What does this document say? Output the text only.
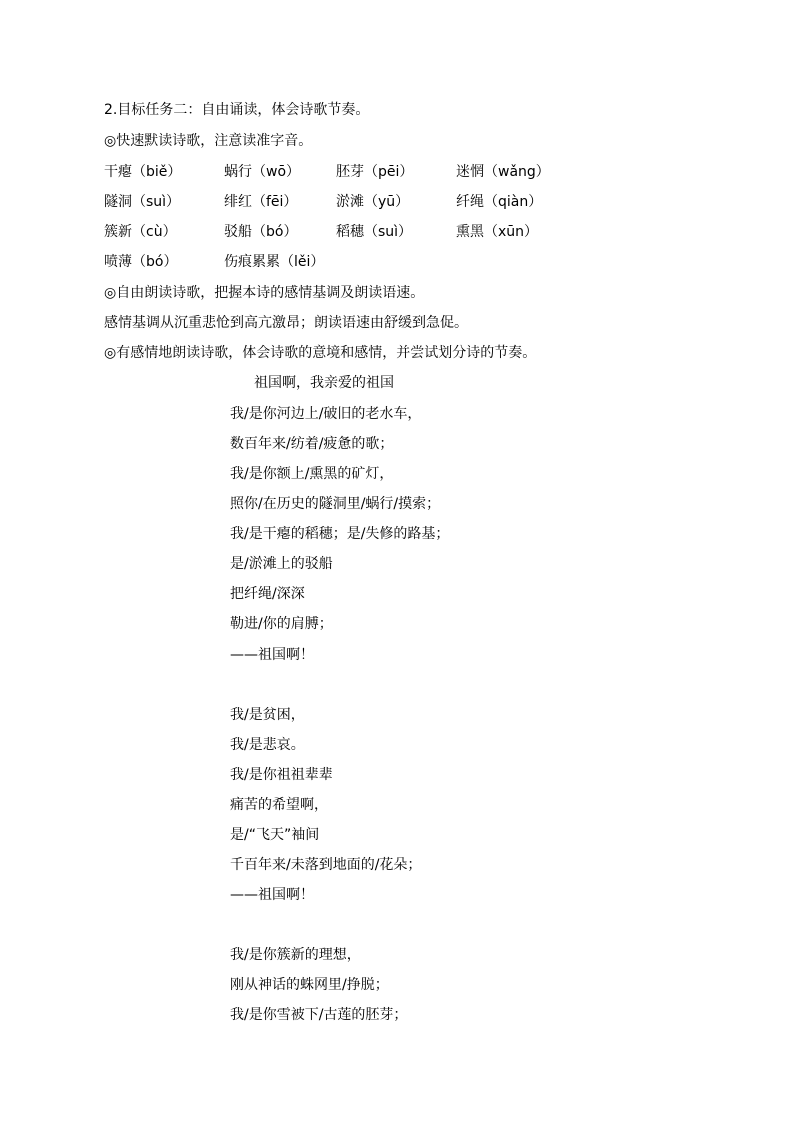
2.目标任务二：自由诵读，体会诗歌节奏。
◎快速默读诗歌，注意读准字音。
干瘪（biě）	蜗行（wō）	胚芽（pēi）	迷惘（wǎng）
隧洞（suì）	绯红（fēi）	淤滩（yū）	纤绳（qiàn）
簇新（cù）	驳船（bó）	稻穗（suì）	熏黑（xūn）
喷薄（bó）	伤痕累累（lěi）
◎自由朗读诗歌，把握本诗的感情基调及朗读语速。
感情基调从沉重悲怆到高亢激昂；朗读语速由舒缓到急促。
◎有感情地朗读诗歌，体会诗歌的意境和感情，并尝试划分诗的节奏。
祖国啊，我亲爱的祖国
我/是你河边上/破旧的老水车，
数百年来/纺着/疲惫的歌；
我/是你额上/熏黑的矿灯，
照你/在历史的隧洞里/蜗行/摸索；
我/是干瘪的稻穗；是/失修的路基；
是/淤滩上的驳船
把纤绳/深深
勒进/你的肩膊；
——祖国啊！
我/是贫困，
我/是悲哀。
我/是你祖祖辈辈
痛苦的希望啊，
是/“飞天”袖间
千百年来/未落到地面的/花朵；
——祖国啊！
我/是你簇新的理想，
刚从神话的蛛网里/挣脱；
我/是你雪被下/古莲的胚芽；
